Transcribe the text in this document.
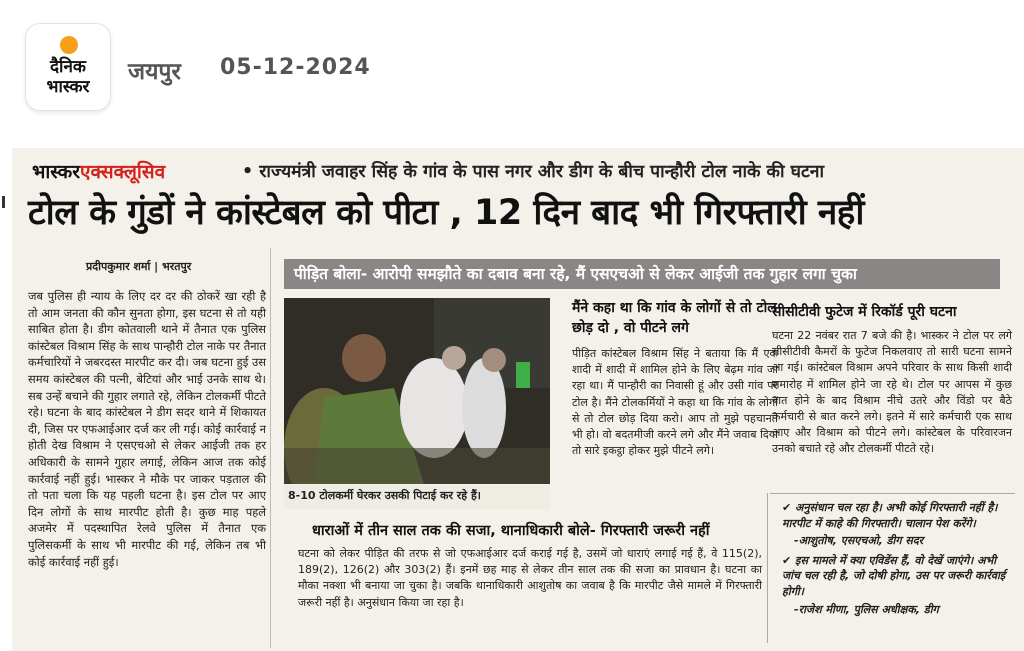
दैनिक
भास्कर
जयपुर 05-12-2024
भास्करएक्सक्लूसिव	• राज्यमंत्री जवाहर सिंह के गांव के पास नगर और डीग के बीच पान्हौरी टोल नाके की घटना
टोल के गुंडों ने कांस्टेबल को पीटा , 12 दिन बाद भी गिरफ्तारी नहीं
प्रदीपकुमार शर्मा | भरतपुर
जब पुलिस ही न्याय के लिए दर दर की ठोकरें खा रही है तो आम जनता की कौन सुनता होगा, इस घटना से तो यही साबित होता है। डीग कोतवाली थाने में तैनात एक पुलिस कांस्टेबल विश्राम सिंह के साथ पान्हौरी टोल नाके पर तैनात कर्मचारियों ने जबरदस्त मारपीट कर दी। जब घटना हुई उस समय कांस्टेबल की पत्नी, बेटियां और भाई उनके साथ थे। सब उन्हें बचाने की गुहार लगाते रहे, लेकिन टोलकर्मी पीटते रहे। घटना के बाद कांस्टेबल ने डीग सदर थाने में शिकायत दी, जिस पर एफआईआर दर्ज कर ली गई। कोई कार्रवाई न होती देख विश्राम ने एसएचओ से लेकर आईजी तक हर अधिकारी के सामने गुहार लगाई, लेकिन आज तक कोई कार्रवाई नहीं हुई। भास्कर ने मौके पर जाकर पड़ताल की तो पता चला कि यह पहली घटना है। इस टोल पर आए दिन लोगों के साथ मारपीट होती है। कुछ माह पहले अजमेर में पदस्थापित रेलवे पुलिस में तैनात एक पुलिसकर्मी के साथ भी मारपीट की गई, लेकिन तब भी कोई कार्रवाई नहीं हुई।
पीड़ित बोला- आरोपी समझौते का दबाव बना रहे, मैं एसएचओ से लेकर आईजी तक गुहार लगा चुका
8-10 टोलकर्मी घेरकर उसकी पिटाई कर रहे हैं।
मैंने कहा था कि गांव के लोगों से तो टोल छोड़ दो , वो पीटने लगे
पीड़ित कांस्टेबल विश्राम सिंह ने बताया कि मैं एक शादी में शादी में शामिल होने के लिए बेढ़म गांव जा रहा था। मैं पान्हौरी का निवासी हूं और उसी गांव पर टोल है। मैंने टोलकर्मियों ने कहा था कि गांव के लोगों से तो टोल छोड़ दिया करो। आप तो मुझे पहचानते भी हो। वो बदतमीजी करने लगे और मैंने जवाब दिया तो सारे इकट्ठा होकर मुझे पीटने लगे।
सीसीटीवी फुटेज में रिकॉर्ड पूरी घटना
घटना 22 नवंबर रात 7 बजे की है। भास्कर ने टोल पर लगे सीसीटीवी कैमरों के फुटेज निकलवाए तो सारी घटना सामने आ गई। कांस्टेबल विश्राम अपने परिवार के साथ किसी शादी समारोह में शामिल होने जा रहे थे। टोल पर आपस में कुछ बात होने के बाद विश्राम नीचे उतरे और विंडो पर बैठे कर्मचारी से बात करने लगे। इतने में सारे कर्मचारी एक साथ आए और विश्राम को पीटने लगे। कांस्टेबल के परिवारजन उनको बचाते रहे और टोलकर्मी पीटते रहे।
✔ अनुसंधान चल रहा है। अभी कोई गिरफ्तारी नहीं है। मारपीट में काहे की गिरफ्तारी। चालान पेश करेंगे।
-आशुतोष, एसएचओ, डीग सदर
✔ इस मामले में क्या एविडेंस हैं, वो देखें जाएंगे। अभी जांच चल रही है, जो दोषी होगा, उस पर जरूरी कार्रवाई होगी।
-राजेश मीणा, पुलिस अधीक्षक, डीग
धाराओं में तीन साल तक की सजा, थानाधिकारी बोले- गिरफ्तारी जरूरी नहीं
घटना को लेकर पीड़ित की तरफ से जो एफआईआर दर्ज कराई गई है, उसमें जो धाराएं लगाई गई हैं, वे 115(2), 189(2), 126(2) और 303(2) हैं। इनमें छह माह से लेकर तीन साल तक की सजा का प्रावधान है। घटना का मौका नक्शा भी बनाया जा चुका है। जबकि थानाधिकारी आशुतोष का जवाब है कि मारपीट जैसे मामले में गिरफ्तारी जरूरी नहीं है। अनुसंधान किया जा रहा है।
